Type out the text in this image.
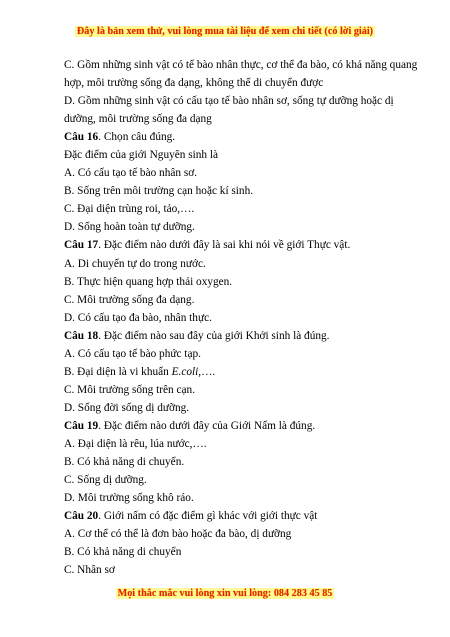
Đây là bản xem thử, vui lòng mua tài liệu để xem chi tiết (có lời giải)
C. Gồm những sinh vật có tế bào nhân thực, cơ thể đa bào, có khả năng quang
hợp, môi trường sống đa dạng, không thể di chuyển được
D. Gồm những sinh vật có cấu tạo tế bào nhân sơ, sống tự dưỡng hoặc dị
dưỡng, môi trường sống đa dạng
Câu 16. Chọn câu đúng.
Đặc điểm của giới Nguyên sinh là
A. Có cấu tạo tế bào nhân sơ.
B. Sống trên môi trường cạn hoặc kí sinh.
C. Đại diện trùng roi, tảo,….
D. Sống hoàn toàn tự dưỡng.
Câu 17. Đặc điểm nào dưới đây là sai khi nói về giới Thực vật.
A. Di chuyển tự do trong nước.
B. Thực hiện quang hợp thải oxygen.
C. Môi trường sống đa dạng.
D. Có cấu tạo đa bào, nhân thực.
Câu 18. Đặc điểm nào sau đây của giới Khởi sinh là đúng.
A. Có cấu tạo tế bào phức tạp.
B. Đại diện là vi khuẩn E.coli,….
C. Môi trường sống trên cạn.
D. Sống đời sống dị dưỡng.
Câu 19. Đặc điểm nào dưới đây của Giới Nấm là đúng.
A. Đại diện là rêu, lúa nước,….
B. Có khả năng di chuyển.
C. Sống dị dưỡng.
D. Môi trường sống khô ráo.
Câu 20. Giới nấm có đặc điểm gì khác với giới thực vật
A. Cơ thể có thể là đơn bào hoặc đa bào, dị dưỡng
B. Có khả năng di chuyển
C. Nhân sơ
Mọi thắc mắc vui lòng xin vui lòng: 084 283 45 85
